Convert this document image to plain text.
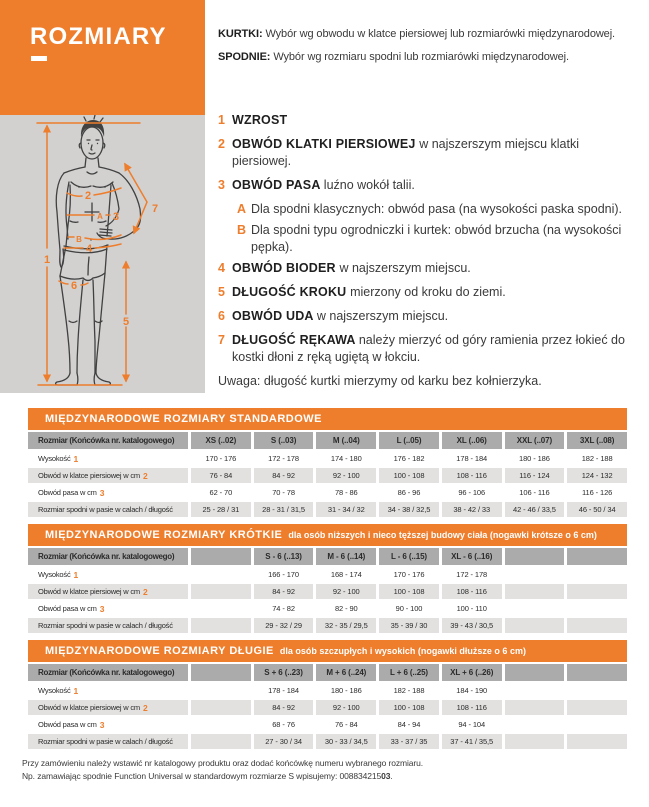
ROZMIARY	KURTKI: Wybór wg obwodu w klatce piersiowej lub rozmiarówki międzynarodowej.

SPODNIE: Wybór wg rozmiaru spodni lub rozmiarówki międzynarodowej.

1
2
A 3
B
4
6
5
7
1 WZROST
2 OBWÓD KLATKI PIERSIOWEJ w najszerszym miejscu klatki piersiowej.
3 OBWÓD PASA luźno wokół talii.
A Dla spodni klasycznych: obwód pasa (na wysokości paska spodni).
B Dla spodni typu ogrodniczki i kurtek: obwód brzucha (na wysokości pępka).
4 OBWÓD BIODER w najszerszym miejscu.
5 DŁUGOŚĆ KROKU mierzony od kroku do ziemi.
6 OBWÓD UDA w najszerszym miejscu.
7 DŁUGOŚĆ RĘKAWA należy mierzyć od góry ramienia przez łokieć do kostki dłoni z ręką ugiętą w łokciu.

Uwaga: długość kurtki mierzymy od karku bez kołnierzyka.

MIĘDZYNARODOWE ROZMIARY STANDARDOWE
Rozmiar (Końcówka nr. katalogowego)	XS (..02)	S (..03)	M (..04)	L (..05)	XL (..06)	XXL (..07)	3XL (..08)
Wysokość 1	170 - 176	172 - 178	174 - 180	176 - 182	178 - 184	180 - 186	182 - 188
Obwód w klatce piersiowej w cm 2	76 - 84	84 - 92	92 - 100	100 - 108	108 - 116	116 - 124	124 - 132
Obwód pasa w cm 3	62 - 70	70 - 78	78 - 86	86 - 96	96 - 106	106 - 116	116 - 126
Rozmiar spodni w pasie w calach / długość	25 - 28 / 31	28 - 31 / 31,5	31 - 34 / 32	34 - 38 / 32,5	38 - 42 / 33	42 - 46 / 33,5	46 - 50 / 34
MIĘDZYNARODOWE ROZMIARY KRÓTKIE dla osób niższych i nieco tęższej budowy ciała (nogawki krótsze o 6 cm)
Rozmiar (Końcówka nr. katalogowego)	S - 6 (..13)	M - 6 (..14)	L - 6 (..15)	XL - 6 (..16)
Wysokość 1	166 - 170	168 - 174	170 - 176	172 - 178
Obwód w klatce piersiowej w cm 2	84 - 92	92 - 100	100 - 108	108 - 116
Obwód pasa w cm 3	74 - 82	82 - 90	90 - 100	100 - 110
Rozmiar spodni w pasie w calach / długość	29 - 32 / 29	32 - 35 / 29,5	35 - 39 / 30	39 - 43 / 30,5
MIĘDZYNARODOWE ROZMIARY DŁUGIE dla osób szczupłych i wysokich (nogawki dłuższe o 6 cm)
Rozmiar (Końcówka nr. katalogowego)	S + 6 (..23)	M + 6 (..24)	L + 6 (..25)	XL + 6 (..26)
Wysokość 1	178 - 184	180 - 186	182 - 188	184 - 190
Obwód w klatce piersiowej w cm 2	84 - 92	92 - 100	100 - 108	108 - 116
Obwód pasa w cm 3	68 - 76	76 - 84	84 - 94	94 - 104
Rozmiar spodni w pasie w calach / długość	27 - 30 / 34	30 - 33 / 34,5	33 - 37 / 35	37 - 41 / 35,5

Przy zamówieniu należy wstawić nr katalogowy produktu oraz dodać końcówkę numeru wybranego rozmiaru.

Np. zamawiając spodnie Function Universal w standardowym rozmiarze S wpisujemy: 00883421503.
